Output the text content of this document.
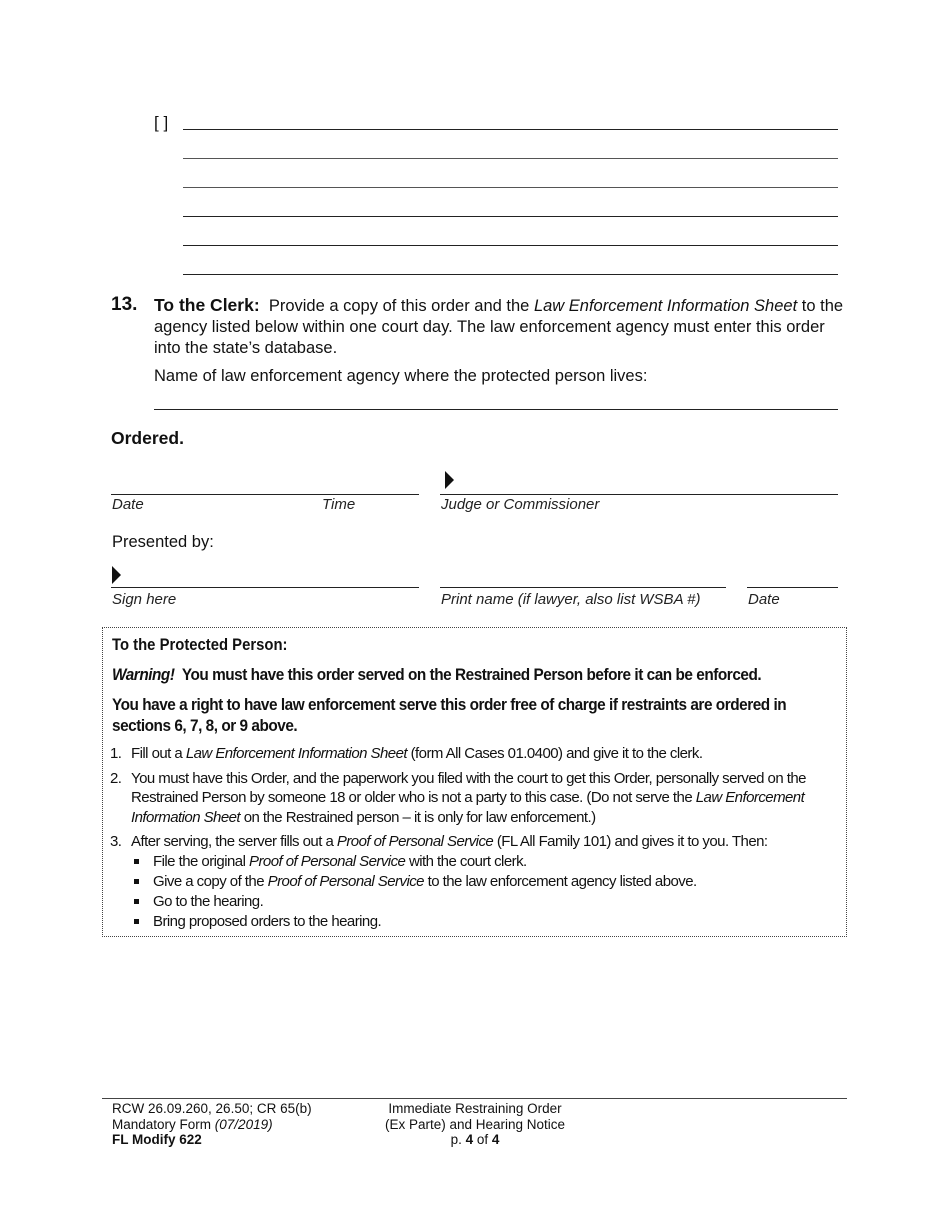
[ ]
13. To the Clerk: Provide a copy of this order and the Law Enforcement Information Sheet to the agency listed below within one court day. The law enforcement agency must enter this order into the state’s database.
Name of law enforcement agency where the protected person lives:
Ordered.
Date	Time	Judge or Commissioner
Presented by:
Sign here	Print name (if lawyer, also list WSBA #)	Date

To the Protected Person:

Warning! You must have this order served on the Restrained Person before it can be enforced.

You have a right to have law enforcement serve this order free of charge if restraints are ordered in sections 6, 7, 8, or 9 above.

1. Fill out a Law Enforcement Information Sheet (form All Cases 01.0400) and give it to the clerk.
2. You must have this Order, and the paperwork you filed with the court to get this Order, personally served on the Restrained Person by someone 18 or older who is not a party to this case. (Do not serve the Law Enforcement Information Sheet on the Restrained person – it is only for law enforcement.)
3. After serving, the server fills out a Proof of Personal Service (FL All Family 101) and gives it to you. Then:
File the original Proof of Personal Service with the court clerk.
Give a copy of the Proof of Personal Service to the law enforcement agency listed above.
Go to the hearing.
Bring proposed orders to the hearing.
RCW 26.09.260, 26.50; CR 65(b)
Mandatory Form (07/2019)
FL Modify 622
Immediate Restraining Order
(Ex Parte) and Hearing Notice
p. 4 of 4
